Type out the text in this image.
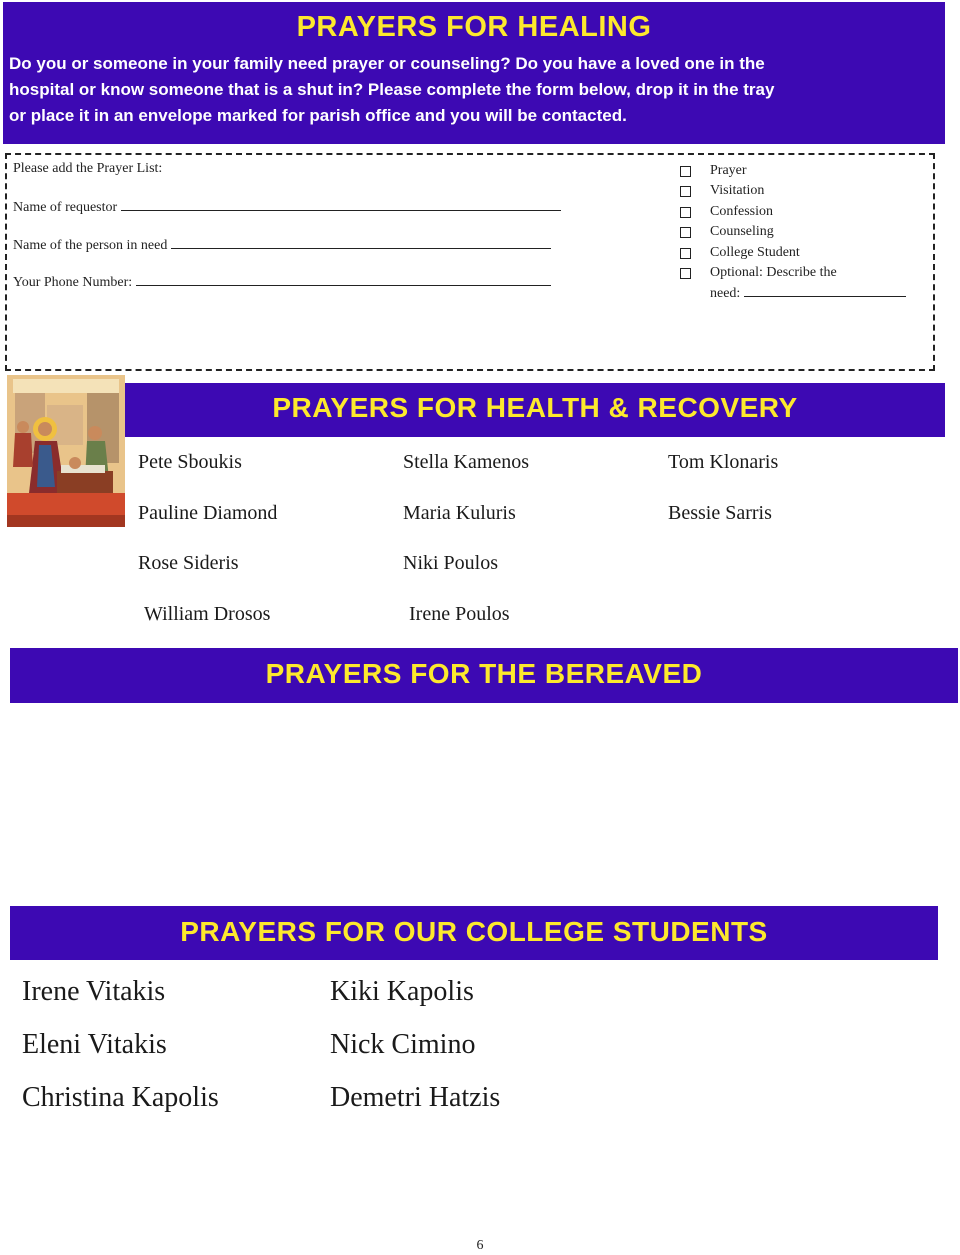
PRAYERS FOR HEALING
Do you or someone in your family need prayer or counseling? Do you have a loved one in the
hospital or know someone that is a shut in? Please complete the form below, drop it in the tray
or place it in an envelope marked for parish office and you will be contacted.
Please add the Prayer List:
Name of requestor
Name of the person in need
Your Phone Number:
Prayer
Visitation
Confession
Counseling
College Student
Optional: Describe the
need:
PRAYERS FOR HEALTH & RECOVERY
Pete Sboukis	Stella Kamenos	Tom Klonaris
Pauline Diamond	Maria Kuluris	Bessie Sarris
Rose Sideris	Niki Poulos
William Drosos	Irene Poulos
PRAYERS FOR THE BEREAVED
PRAYERS FOR OUR COLLEGE STUDENTS
Irene Vitakis	Kiki Kapolis
Eleni Vitakis	Nick Cimino
Christina Kapolis	Demetri Hatzis
6
